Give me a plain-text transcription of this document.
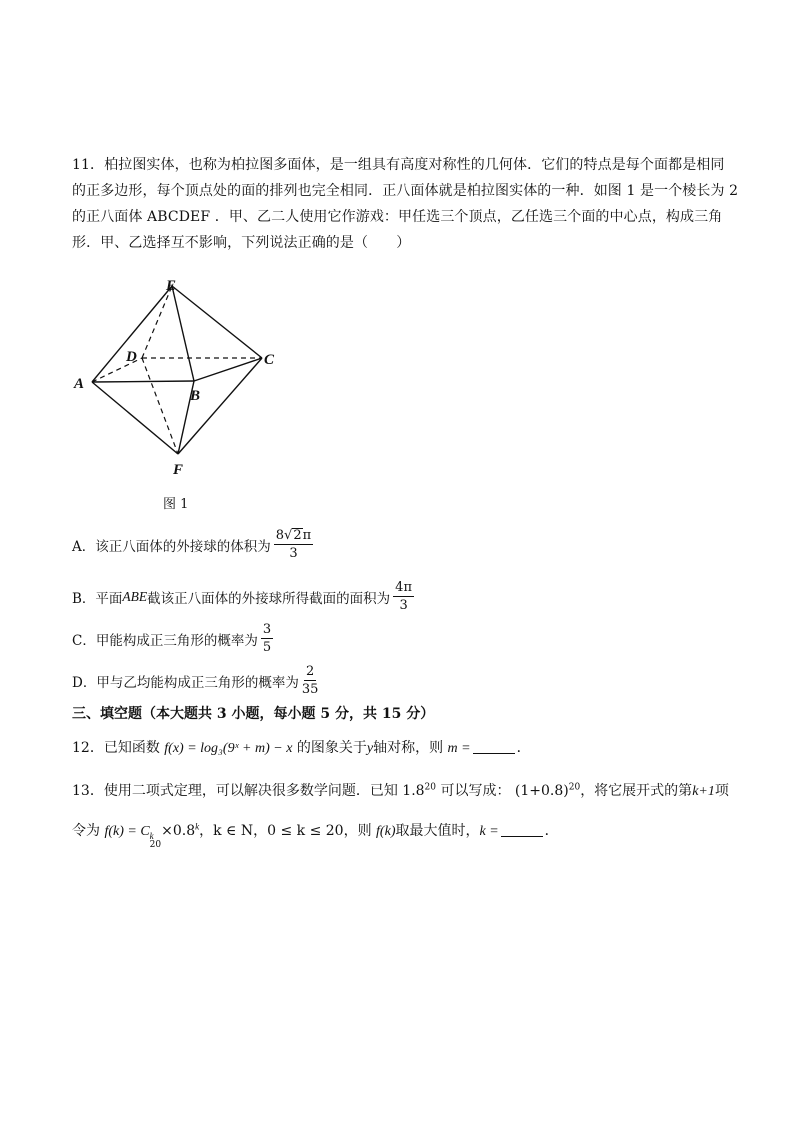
11．柏拉图实体，也称为柏拉图多面体，是一组具有高度对称性的几何体．它们的特点是每个面都是相同
的正多边形，每个顶点处的面的排列也完全相同．正八面体就是柏拉图实体的一种．如图 1 是一个棱长为 2
的正八面体 ABCDEF ．甲、乙二人使用它作游戏：甲任选三个顶点，乙任选三个面的中心点，构成三角
形．甲、乙选择互不影响，下列说法正确的是（　　）
E
D	C
A
B
F
图 1
A．该正八面体的外接球的体积为 $\frac{8 √ 2 \pi}{3}$
B．平面 ABE 截该正八面体的外接球所得截面的面积为 $\frac{4\pi}{3}$
C．甲能构成正三角形的概率为 $\frac{3}{5}$
D．甲与乙均能构成正三角形的概率为 $\frac{2}{35}$
三、填空题（本大题共 3 小题，每小题 5 分，共 15 分）
12．已知函数 f(x) = log₃(9ˣ + m) − x 的图象关于y轴对称，则 m =	．
13．使用二项式定理，可以解决很多数学问题．已知 $1.8^{20}$ 可以写成： $(1+0.8)^{20}$，将它展开式的第k+1项
令为 f(k) = C k
20
$\times 0.8^k$，k ∈ N，0 ≤ k ≤ 20，则 f(k)取最大值时，k =	．
